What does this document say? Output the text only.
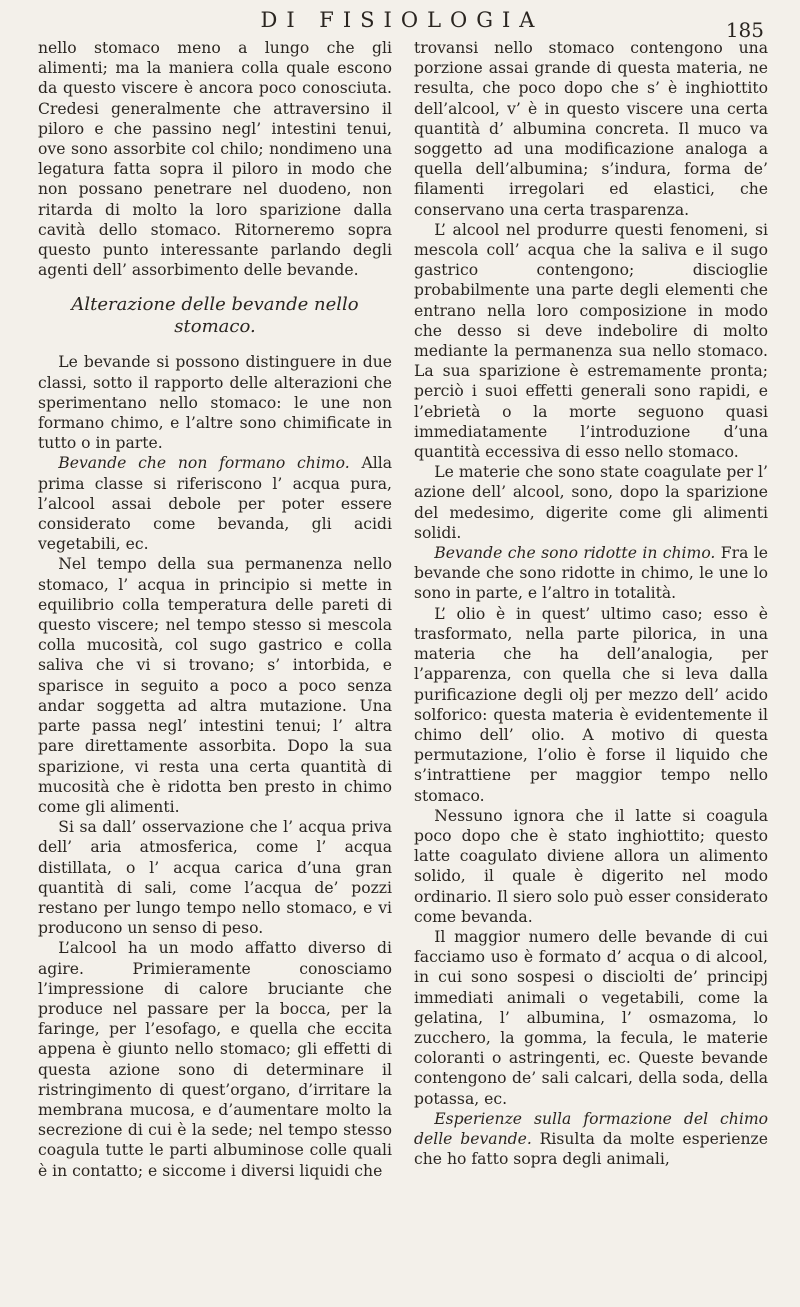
DI FISIOLOGIA	185

nello stomaco meno a lungo che gli alimenti; ma la maniera colla quale escono da questo viscere è ancora poco conosciuta. Credesi generalmente che attraversino il piloro e che passino negl’ intestini tenui, ove sono assorbite col chilo; nondimeno una legatura fatta sopra il piloro in modo che non possano penetrare nel duodeno, non ritarda di molto la loro sparizione dalla cavità dello stomaco. Ritorneremo sopra questo punto interessante parlando degli agenti dell’ assorbimento delle bevande.

Alterazione delle bevande nello stomaco.

Le bevande si possono distinguere in due classi, sotto il rapporto delle alterazioni che sperimentano nello stomaco: le une non formano chimo, e l’altre sono chimificate in tutto o in parte.

Bevande che non formano chimo. Alla prima classe si riferiscono l’ acqua pura, l’alcool assai debole per poter essere considerato come bevanda, gli acidi vegetabili, ec.

Nel tempo della sua permanenza nello stomaco, l’ acqua in principio si mette in equilibrio colla temperatura delle pareti di questo viscere; nel tempo stesso si mescola colla mucosità, col sugo gastrico e colla saliva che vi si trovano; s’ intorbida, e sparisce in seguito a poco a poco senza andar soggetta ad altra mutazione. Una parte passa negl’ intestini tenui; l’ altra pare direttamente assorbita. Dopo la sua sparizione, vi resta una certa quantità di mucosità che è ridotta ben presto in chimo come gli alimenti.

Si sa dall’ osservazione che l’ acqua priva dell’ aria atmosferica, come l’ acqua distillata, o l’ acqua carica d’una gran quantità di sali, come l’acqua de’ pozzi restano per lungo tempo nello stomaco, e vi producono un senso di peso.

L’alcool ha un modo affatto diverso di agire. Primieramente conosciamo l’impressione di calore bruciante che produce nel passare per la bocca, per la faringe, per l’esofago, e quella che eccita appena è giunto nello stomaco; gli effetti di questa azione sono di determinare il ristringimento di quest’organo, d’irritare la membrana mucosa, e d’aumentare molto la secrezione di cui è la sede; nel tempo stesso coagula tutte le parti albuminose colle quali è in contatto; e siccome i diversi liquidi che

trovansi nello stomaco contengono una porzione assai grande di questa materia, ne resulta, che poco dopo che s’ è inghiottito dell’alcool, v’ è in questo viscere una certa quantità d’ albumina concreta. Il muco va soggetto ad una modificazione analoga a quella dell’albumina; s’indura, forma de’ filamenti irregolari ed elastici, che conservano una certa trasparenza.

L’ alcool nel produrre questi fenomeni, si mescola coll’ acqua che la saliva e il sugo gastrico contengono; discioglie probabilmente una parte degli elementi che entrano nella loro composizione in modo che desso si deve indebolire di molto mediante la permanenza sua nello stomaco. La sua sparizione è estremamente pronta; perciò i suoi effetti generali sono rapidi, e l’ebrietà o la morte seguono quasi immediatamente l’introduzione d’una quantità eccessiva di esso nello stomaco.

Le materie che sono state coagulate per l’ azione dell’ alcool, sono, dopo la sparizione del medesimo, digerite come gli alimenti solidi.

Bevande che sono ridotte in chimo. Fra le bevande che sono ridotte in chimo, le une lo sono in parte, e l’altro in totalità.

L’ olio è in quest’ ultimo caso; esso è trasformato, nella parte pilorica, in una materia che ha dell’analogia, per l’apparenza, con quella che si leva dalla purificazione degli olj per mezzo dell’ acido solforico: questa materia è evidentemente il chimo dell’ olio. A motivo di questa permutazione, l’olio è forse il liquido che s’intrattiene per maggior tempo nello stomaco.

Nessuno ignora che il latte si coagula poco dopo che è stato inghiottito; questo latte coagulato diviene allora un alimento solido, il quale è digerito nel modo ordinario. Il siero solo può esser considerato come bevanda.

Il maggior numero delle bevande di cui facciamo uso è formato d’ acqua o di alcool, in cui sono sospesi o disciolti de’ principj immediati animali o vegetabili, come la gelatina, l’ albumina, l’ osmazoma, lo zucchero, la gomma, la fecula, le materie coloranti o astringenti, ec. Queste bevande contengono de’ sali calcari, della soda, della potassa, ec.

Esperienze sulla formazione del chimo delle bevande. Risulta da molte esperienze che ho fatto sopra degli animali,
